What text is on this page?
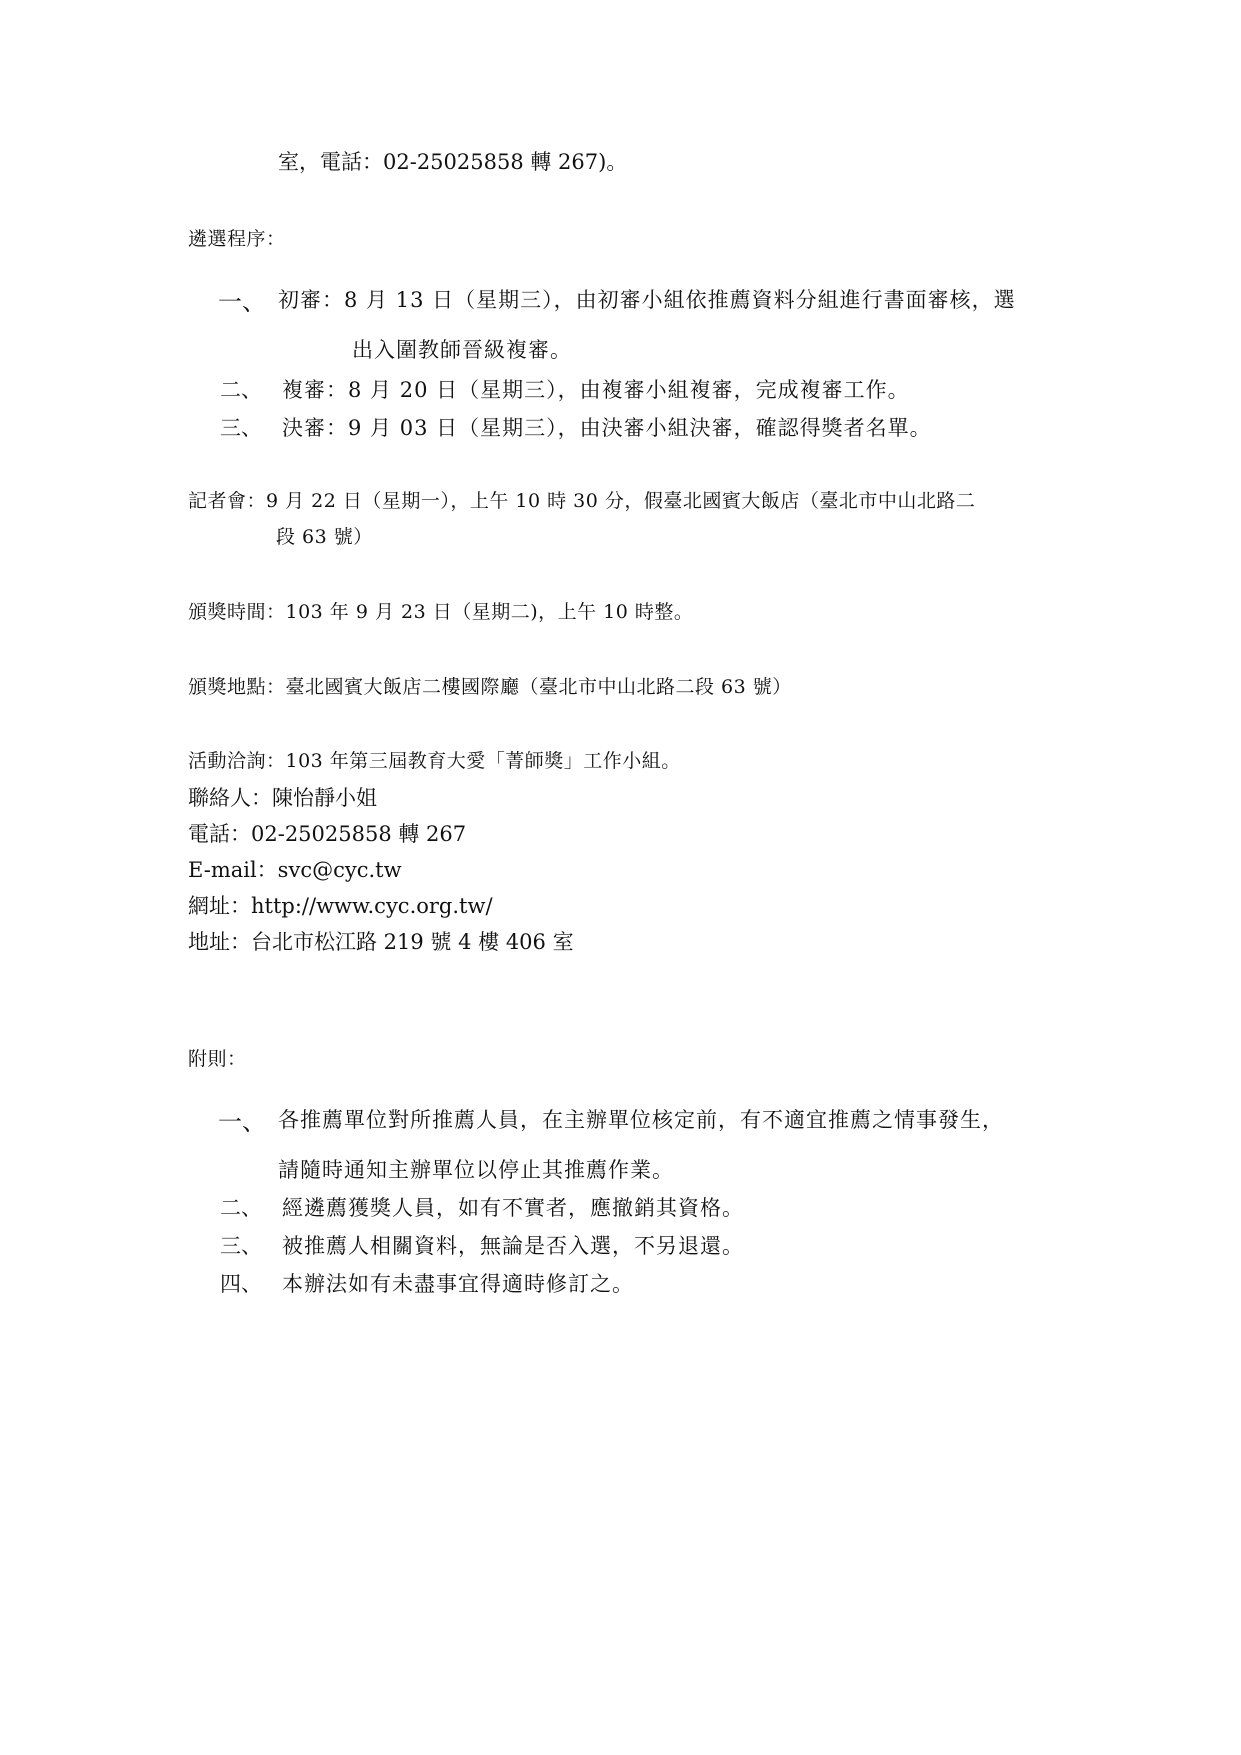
室，電話：02-25025858 轉 267)。

遴選程序：

一、 初審：8 月 13 日（星期三），由初審小組依推薦資料分組進行書面審核，選
出入圍教師晉級複審。
二、 複審：8 月 20 日（星期三），由複審小組複審，完成複審工作。
三、 決審：9 月 03 日（星期三），由決審小組決審，確認得獎者名單。

記者會：9 月 22 日（星期一），上午 10 時 30 分，假臺北國賓大飯店（臺北市中山北路二

段 63 號）

頒獎時間：103 年 9 月 23 日（星期二)，上午 10 時整。

頒獎地點：臺北國賓大飯店二樓國際廳（臺北市中山北路二段 63 號）

活動洽詢：103 年第三屆教育大愛「菁師獎」工作小組。

聯絡人：陳怡靜小姐

電話：02-25025858 轉 267

E-mail：svc@cyc.tw

網址：http://www.cyc.org.tw/

地址：台北市松江路 219 號 4 樓 406 室

附則：

一、 各推薦單位對所推薦人員，在主辦單位核定前，有不適宜推薦之情事發生，
請隨時通知主辦單位以停止其推薦作業。
二、 經遴薦獲獎人員，如有不實者，應撤銷其資格。
三、 被推薦人相關資料，無論是否入選，不另退還。
四、 本辦法如有未盡事宜得適時修訂之。
